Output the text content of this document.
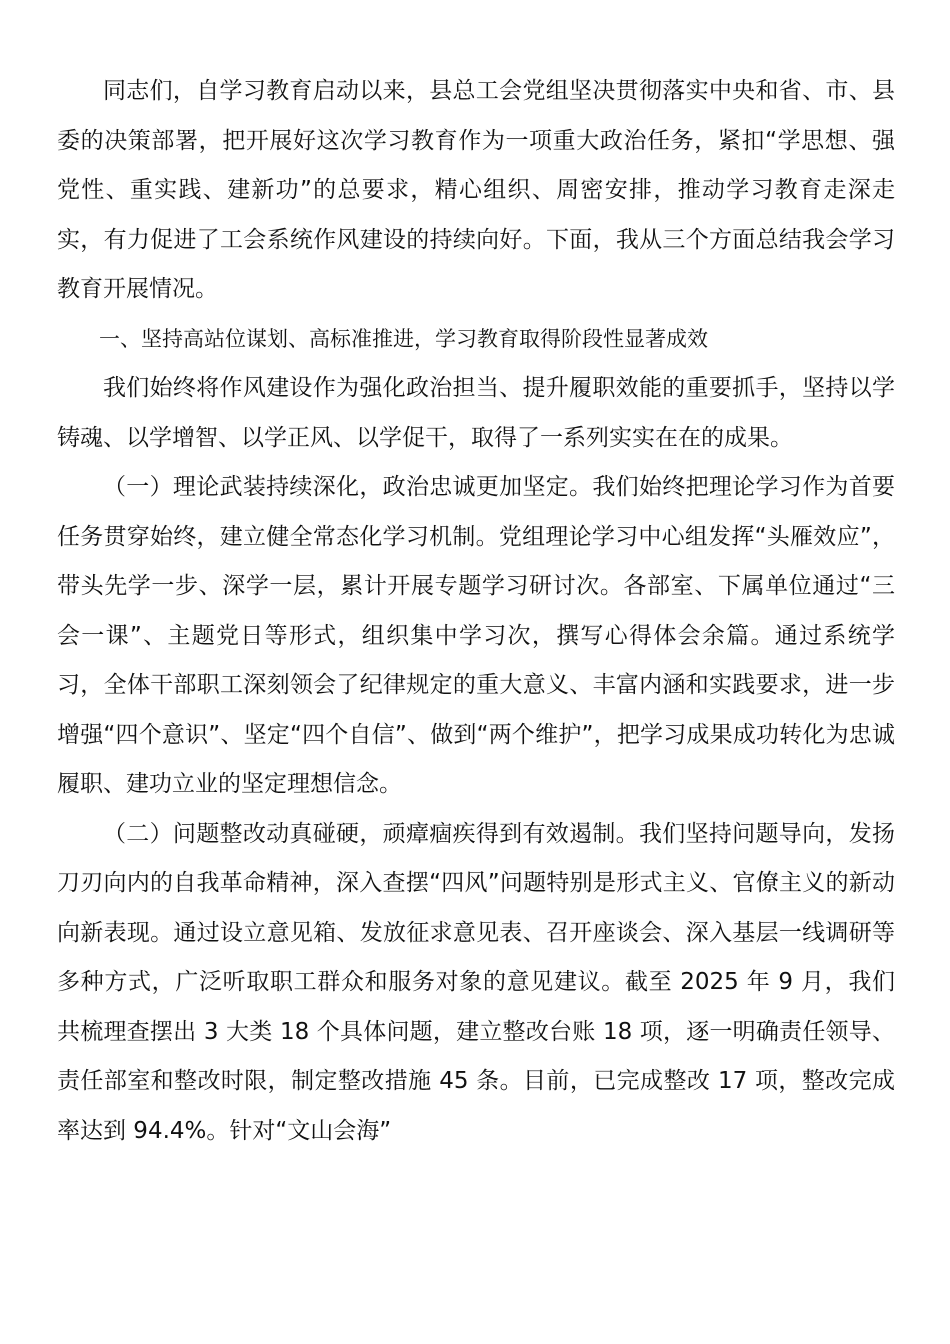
同志们，自学习教育启动以来，县总工会党组坚决贯彻落实中央和省、市、县委的决策部署，把开展好这次学习教育作为一项重大政治任务，紧扣“学思想、强党性、重实践、建新功”的总要求，精心组织、周密安排，推动学习教育走深走实，有力促进了工会系统作风建设的持续向好。下面，我从三个方面总结我会学习教育开展情况。

一、坚持高站位谋划、高标准推进，学习教育取得阶段性显著成效

我们始终将作风建设作为强化政治担当、提升履职效能的重要抓手，坚持以学铸魂、以学增智、以学正风、以学促干，取得了一系列实实在在的成果。

（一）理论武装持续深化，政治忠诚更加坚定。我们始终把理论学习作为首要任务贯穿始终，建立健全常态化学习机制。党组理论学习中心组发挥“头雁效应”，带头先学一步、深学一层，累计开展专题学习研讨次。各部室、下属单位通过“三会一课”、主题党日等形式，组织集中学习次，撰写心得体会余篇。通过系统学习，全体干部职工深刻领会了纪律规定的重大意义、丰富内涵和实践要求，进一步增强“四个意识”、坚定“四个自信”、做到“两个维护”，把学习成果成功转化为忠诚履职、建功立业的坚定理想信念。

（二）问题整改动真碰硬，顽瘴痼疾得到有效遏制。我们坚持问题导向，发扬刀刃向内的自我革命精神，深入查摆“四风”问题特别是形式主义、官僚主义的新动向新表现。通过设立意见箱、发放征求意见表、召开座谈会、深入基层一线调研等多种方式，广泛听取职工群众和服务对象的意见建议。截至 2025 年 9 月，我们共梳理查摆出 3 大类 18 个具体问题，建立整改台账 18 项，逐一明确责任领导、责任部室和整改时限，制定整改措施 45 条。目前，已完成整改 17 项，整改完成率达到 94.4%。针对“文山会海”
